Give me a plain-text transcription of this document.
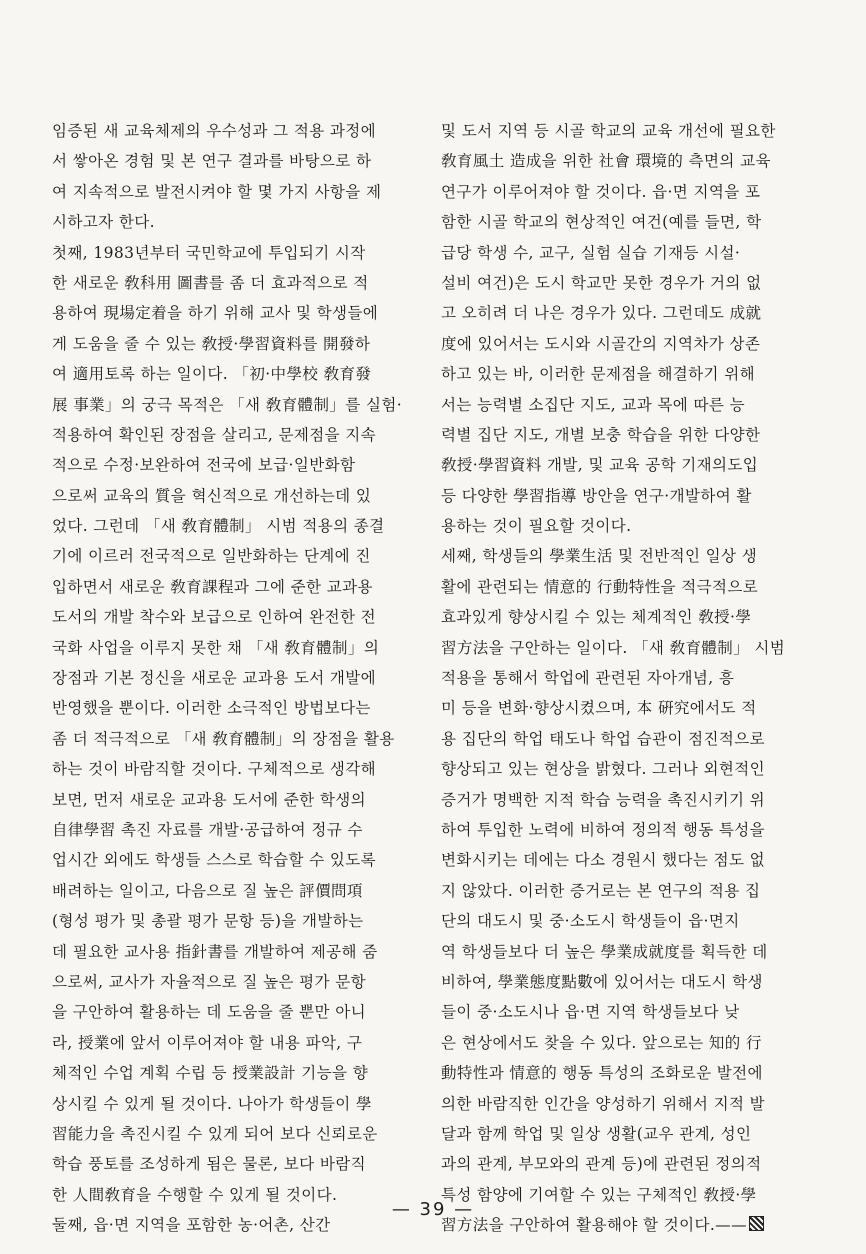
임증된 새 교육체제의 우수성과 그 적용 과정에
서 쌓아온 경험 및 본 연구 결과를 바탕으로 하
여 지속적으로 발전시켜야 할 몇 가지 사항을 제
시하고자 한다.
첫째, 1983년부터 국민학교에 투입되기 시작
한 새로운 敎科用 圖書를 좀 더 효과적으로 적
용하여 現場定着을 하기 위해 교사 및 학생들에
게 도움을 줄 수 있는 敎授·學習資料를 開發하
여 適用토록 하는 일이다. 「初·中學校 敎育發
展 事業」의 궁극 목적은 「새 敎育體制」를 실험·
적용하여 확인된 장점을 살리고, 문제점을 지속
적으로 수정·보완하여 전국에 보급·일반화함
으로써 교육의 質을 혁신적으로 개선하는데 있
었다. 그런데 「새 敎育體制」 시범 적용의 종결
기에 이르러 전국적으로 일반화하는 단계에 진
입하면서 새로운 敎育課程과 그에 준한 교과용
도서의 개발 착수와 보급으로 인하여 완전한 전
국화 사업을 이루지 못한 채 「새 敎育體制」의
장점과 기본 정신을 새로운 교과용 도서 개발에
반영했을 뿐이다. 이러한 소극적인 방법보다는
좀 더 적극적으로 「새 敎育體制」의 장점을 활용
하는 것이 바람직할 것이다. 구체적으로 생각해
보면, 먼저 새로운 교과용 도서에 준한 학생의
自律學習 촉진 자료를 개발·공급하여 정규 수
업시간 외에도 학생들 스스로 학습할 수 있도록
배려하는 일이고, 다음으로 질 높은 評價問項
(형성 평가 및 총괄 평가 문항 등)을 개발하는
데 필요한 교사용 指針書를 개발하여 제공해 줌
으로써, 교사가 자율적으로 질 높은 평가 문항
을 구안하여 활용하는 데 도움을 줄 뿐만 아니
라, 授業에 앞서 이루어져야 할 내용 파악, 구
체적인 수업 계획 수립 등 授業設計 기능을 향
상시킬 수 있게 될 것이다. 나아가 학생들이 學
習能力을 촉진시킬 수 있게 되어 보다 신뢰로운
학습 풍토를 조성하게 됨은 물론, 보다 바람직
한 人間敎育을 수행할 수 있게 될 것이다.
둘째, 읍·면 지역을 포함한 농·어촌, 산간
및 도서 지역 등 시골 학교의 교육 개선에 필요한
敎育風土 造成을 위한 社會 環境的 측면의 교육
연구가 이루어져야 할 것이다. 읍·면 지역을 포
함한 시골 학교의 현상적인 여건(예를 들면, 학
급당 학생 수, 교구, 실험 실습 기재등 시설·
설비 여건)은 도시 학교만 못한 경우가 거의 없
고 오히려 더 나은 경우가 있다. 그런데도 成就
度에 있어서는 도시와 시골간의 지역차가 상존
하고 있는 바, 이러한 문제점을 해결하기 위해
서는 능력별 소집단 지도, 교과 목에 따른 능
력별 집단 지도, 개별 보충 학습을 위한 다양한
敎授·學習資料 개발, 및 교육 공학 기재의도입
등 다양한 學習指導 방안을 연구·개발하여 활
용하는 것이 필요할 것이다.
세째, 학생들의 學業生活 및 전반적인 일상 생
활에 관련되는 情意的 行動特性을 적극적으로
효과있게 향상시킬 수 있는 체계적인 敎授·學
習方法을 구안하는 일이다. 「새 敎育體制」 시범
적용을 통해서 학업에 관련된 자아개념, 흥
미 등을 변화·향상시켰으며, 本 硏究에서도 적
용 집단의 학업 태도나 학업 습관이 점진적으로
향상되고 있는 현상을 밝혔다. 그러나 외현적인
증거가 명백한 지적 학습 능력을 촉진시키기 위
하여 투입한 노력에 비하여 정의적 행동 특성을
변화시키는 데에는 다소 경원시 했다는 점도 없
지 않았다. 이러한 증거로는 본 연구의 적용 집
단의 대도시 및 중·소도시 학생들이 읍·면지
역 학생들보다 더 높은 學業成就度를 획득한 데
비하여, 學業態度點數에 있어서는 대도시 학생
들이 중·소도시나 읍·면 지역 학생들보다 낮
은 현상에서도 찾을 수 있다. 앞으로는 知的 行
動特性과 情意的 행동 특성의 조화로운 발전에
의한 바람직한 인간을 양성하기 위해서 지적 발
달과 함께 학업 및 일상 생활(교우 관계, 성인
과의 관계, 부모와의 관계 등)에 관련된 정의적
특성 함양에 기여할 수 있는 구체적인 敎授·學
習方法을 구안하여 활용해야 할 것이다.——
— 39 —
